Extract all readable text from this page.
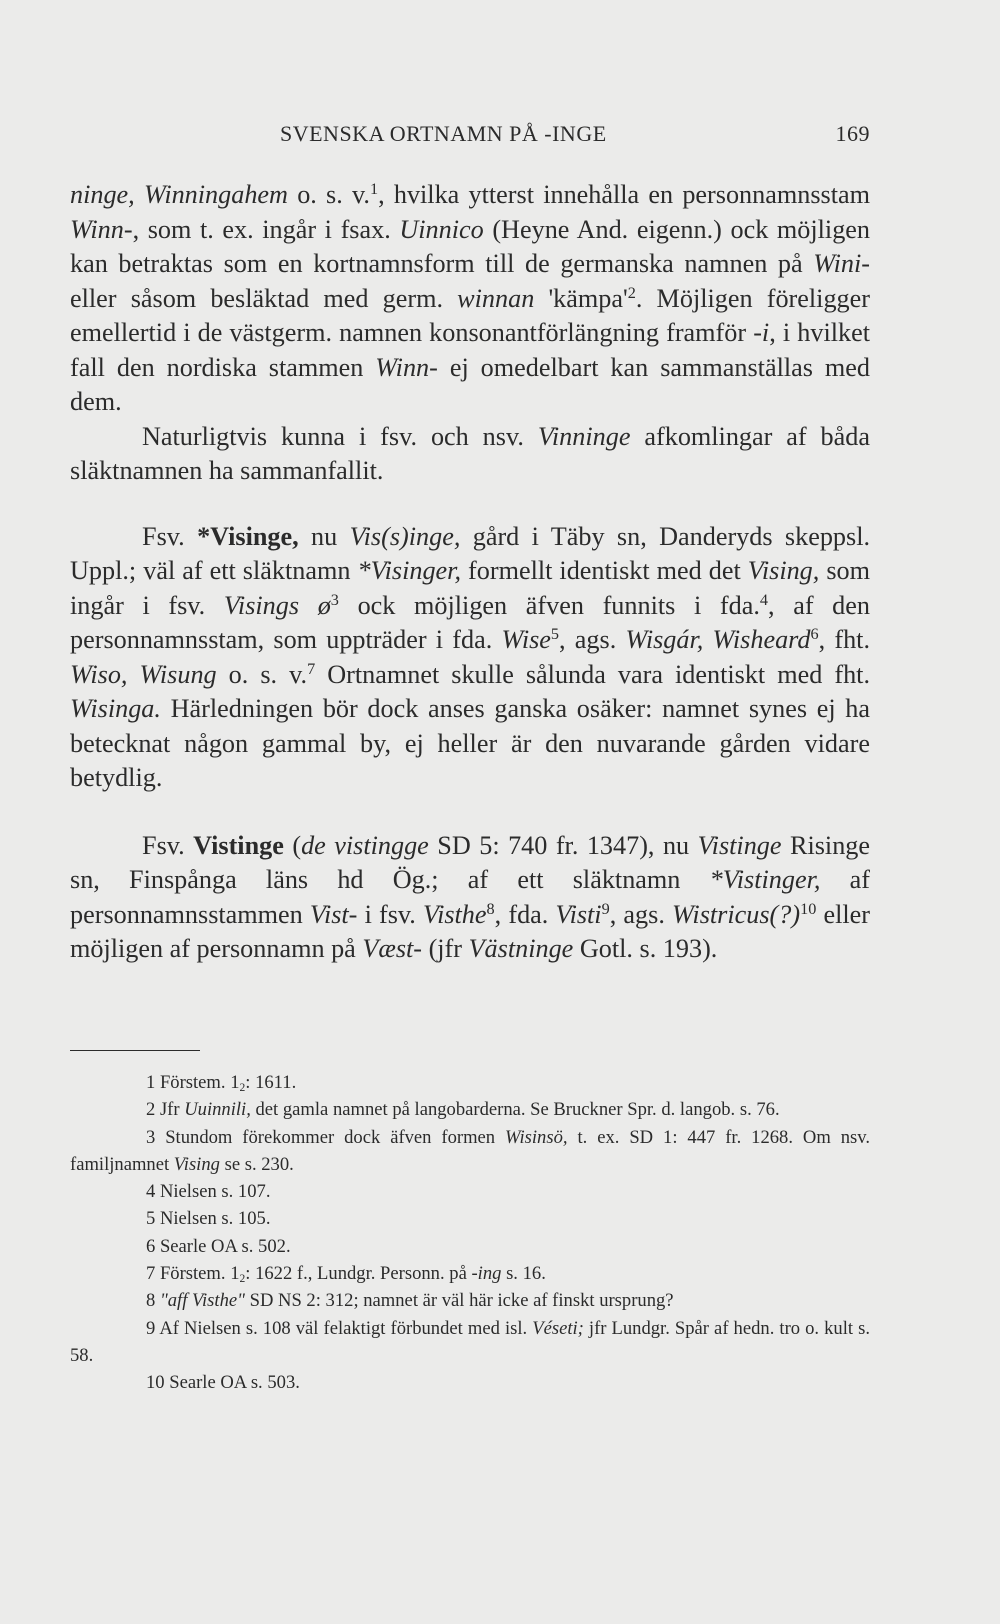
SVENSKA ORTNAMN PÅ -INGE	169

ninge, Winningahem o. s. v.$^1$, hvilka ytterst innehålla en personnamnsstam Winn-, som t. ex. ingår i fsax. Uinnico (Heyne And. eigenn.) ock möjligen kan betraktas som en kortnamnsform till de germanska namnen på Wini- eller såsom besläktad med germ. winnan '$kämpa'^2$. Möjligen föreligger emellertid i de västgerm. namnen konsonantförlängning framför -i, i hvilket fall den nordiska stammen Winn- ej omedelbart kan sammanställas med dem.

Naturligtvis kunna i fsv. och nsv. Vinninge afkomlingar af båda släktnamnen ha sammanfallit.

Fsv. *Visinge, nu Vis(s)inge, gård i Täby sn, Danderyds skeppsl. Uppl.; väl af ett släktnamn *Visinger, formellt identiskt med det Vising, som ingår i fsv. Visings $ø^3$ ock möjligen äfven funnits i fda.$^4$, af den personnamnsstam, som uppträder i fda. Wise$^5$, ags. Wisgár, Wisheard$^6$, fht. Wiso, Wisung o. s. v.$^7$ Ortnamnet skulle sålunda vara identiskt med fht. Wisinga. Härledningen bör dock anses ganska osäker: namnet synes ej ha betecknat någon gammal by, ej heller är den nuvarande gården vidare betydlig.

Fsv. Vistinge (de vistingge SD 5: 740 fr. 1347), nu Vistinge Risinge sn, Finspånga läns hd Ög.; af ett släktnamn *Vistinger, af personnamnsstammen Vist- i fsv. Visthe$^8$, fda. Visti$^9$, ags. Wistricus(?)$^{10}$ eller möjligen af personnamn på Væst- (jfr Västninge Gotl. s. 193).

1 Förstem. $1_2$: 1611.

2 Jfr Uuinnili, det gamla namnet på langobarderna. Se Bruckner Spr. d. langob. s. 76.

3 Stundom förekommer dock äfven formen Wisinsö, t. ex. SD 1: 447 fr. 1268. Om nsv. familjnamnet Vising se s. 230.

4 Nielsen s. 107.

5 Nielsen s. 105.

6 Searle OA s. 502.

7 Förstem. $1_2$: 1622 f., Lundgr. Personn. på -ing s. 16.

8 "aff Visthe" SD NS 2: 312; namnet är väl här icke af finskt ursprung?

9 Af Nielsen s. 108 väl felaktigt förbundet med isl. Véseti; jfr Lundgr. Spår af hedn. tro o. kult s. 58.

10 Searle OA s. 503.
